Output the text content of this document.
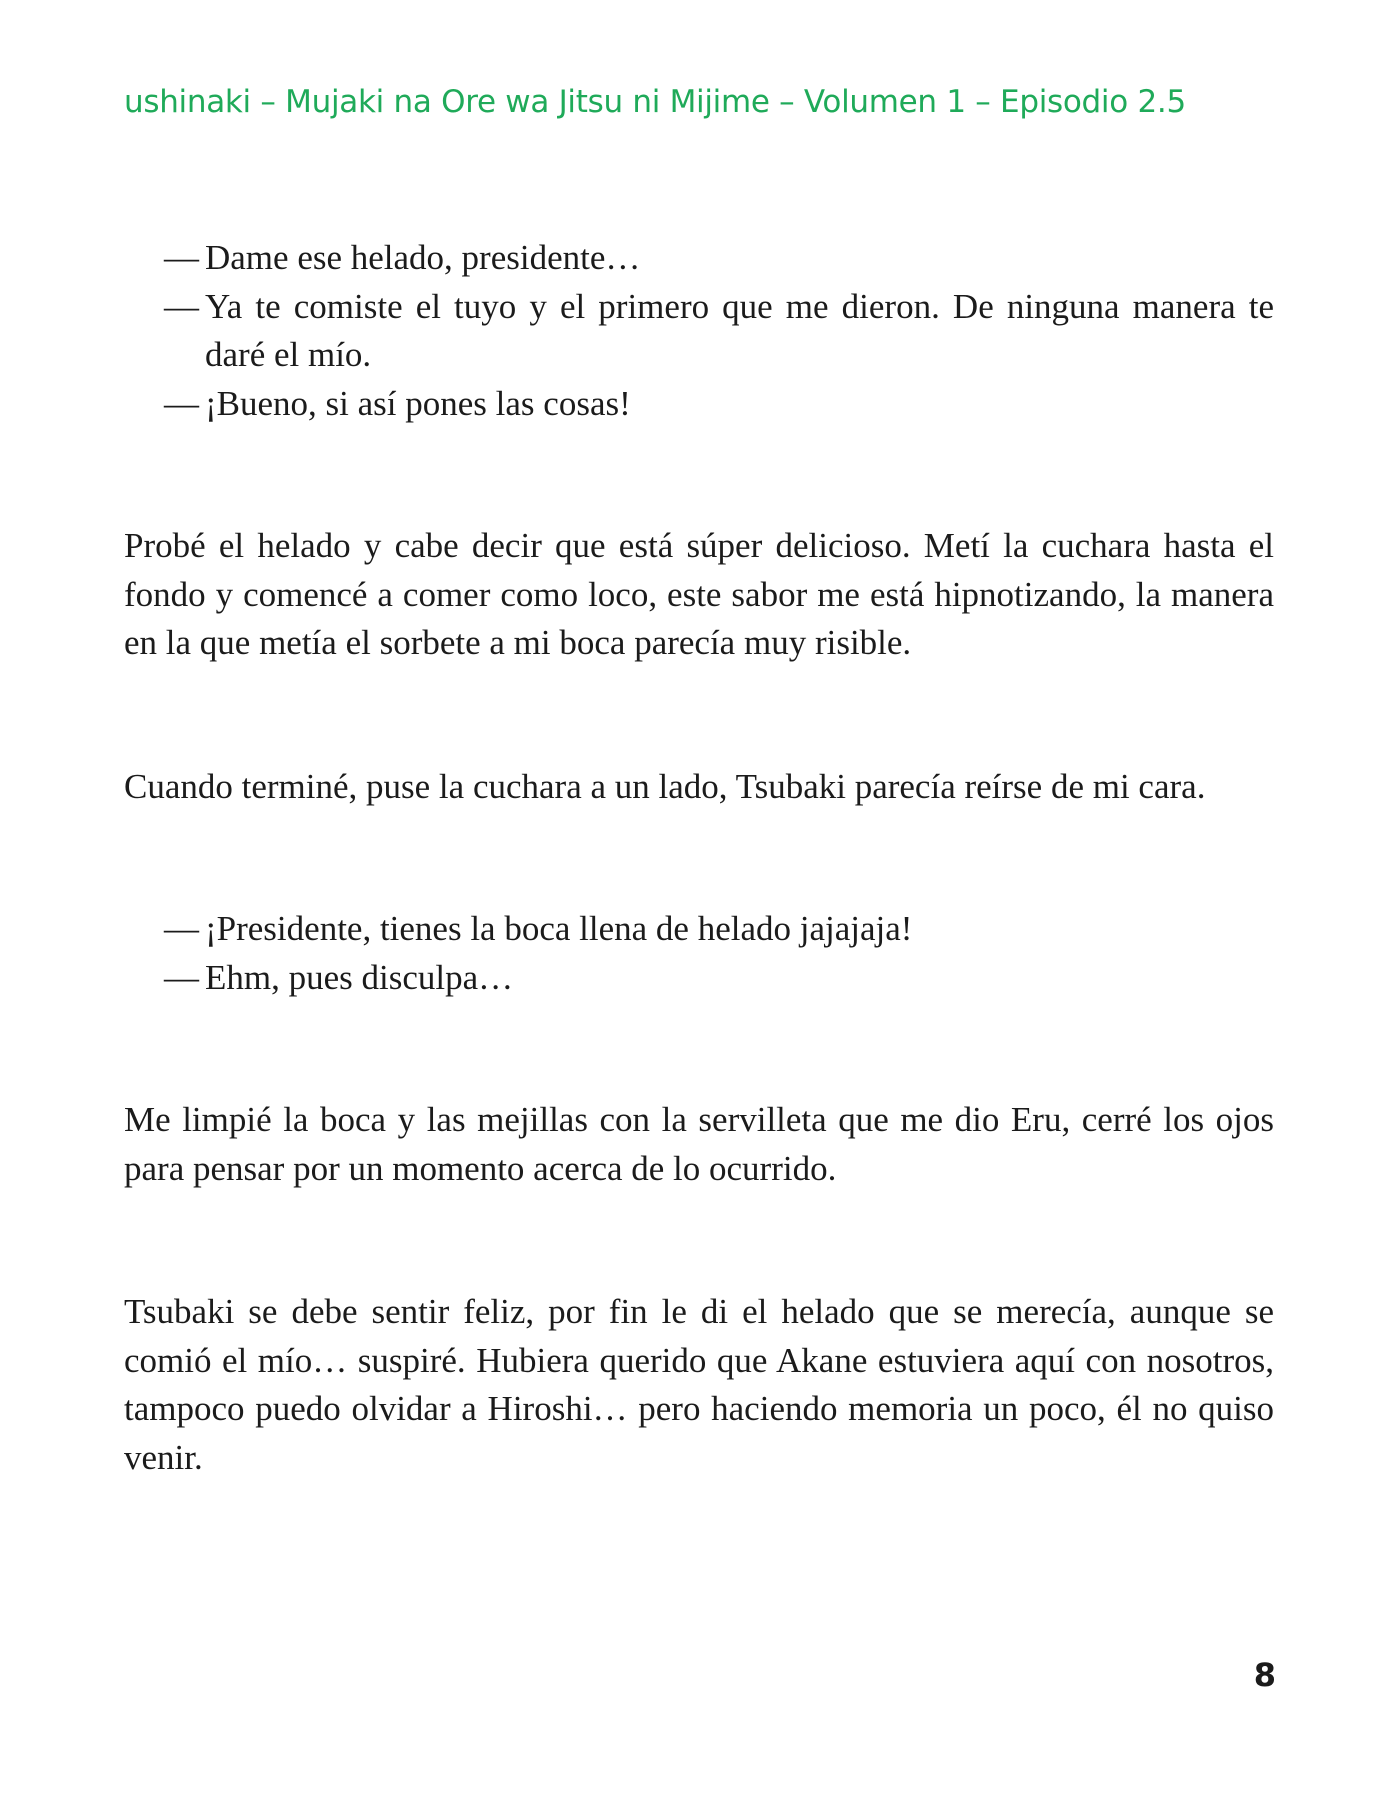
ushinaki – Mujaki na Ore wa Jitsu ni Mijime – Volumen 1 – Episodio 2.5
— Dame ese helado, presidente…
— Ya te comiste el tuyo y el primero que me dieron. De ninguna manera te daré el mío.
— ¡Bueno, si así pones las cosas!

Probé el helado y cabe decir que está súper delicioso. Metí la cuchara hasta el fondo y comencé a comer como loco, este sabor me está hipnotizando, la manera en la que metía el sorbete a mi boca parecía muy risible.

Cuando terminé, puse la cuchara a un lado, Tsubaki parecía reírse de mi cara.

— ¡Presidente, tienes la boca llena de helado jajajaja!
— Ehm, pues disculpa…

Me limpié la boca y las mejillas con la servilleta que me dio Eru, cerré los ojos para pensar por un momento acerca de lo ocurrido.

Tsubaki se debe sentir feliz, por fin le di el helado que se merecía, aunque se comió el mío… suspiré. Hubiera querido que Akane estuviera aquí con nosotros, tampoco puedo olvidar a Hiroshi… pero haciendo memoria un poco, él no quiso venir.

8
